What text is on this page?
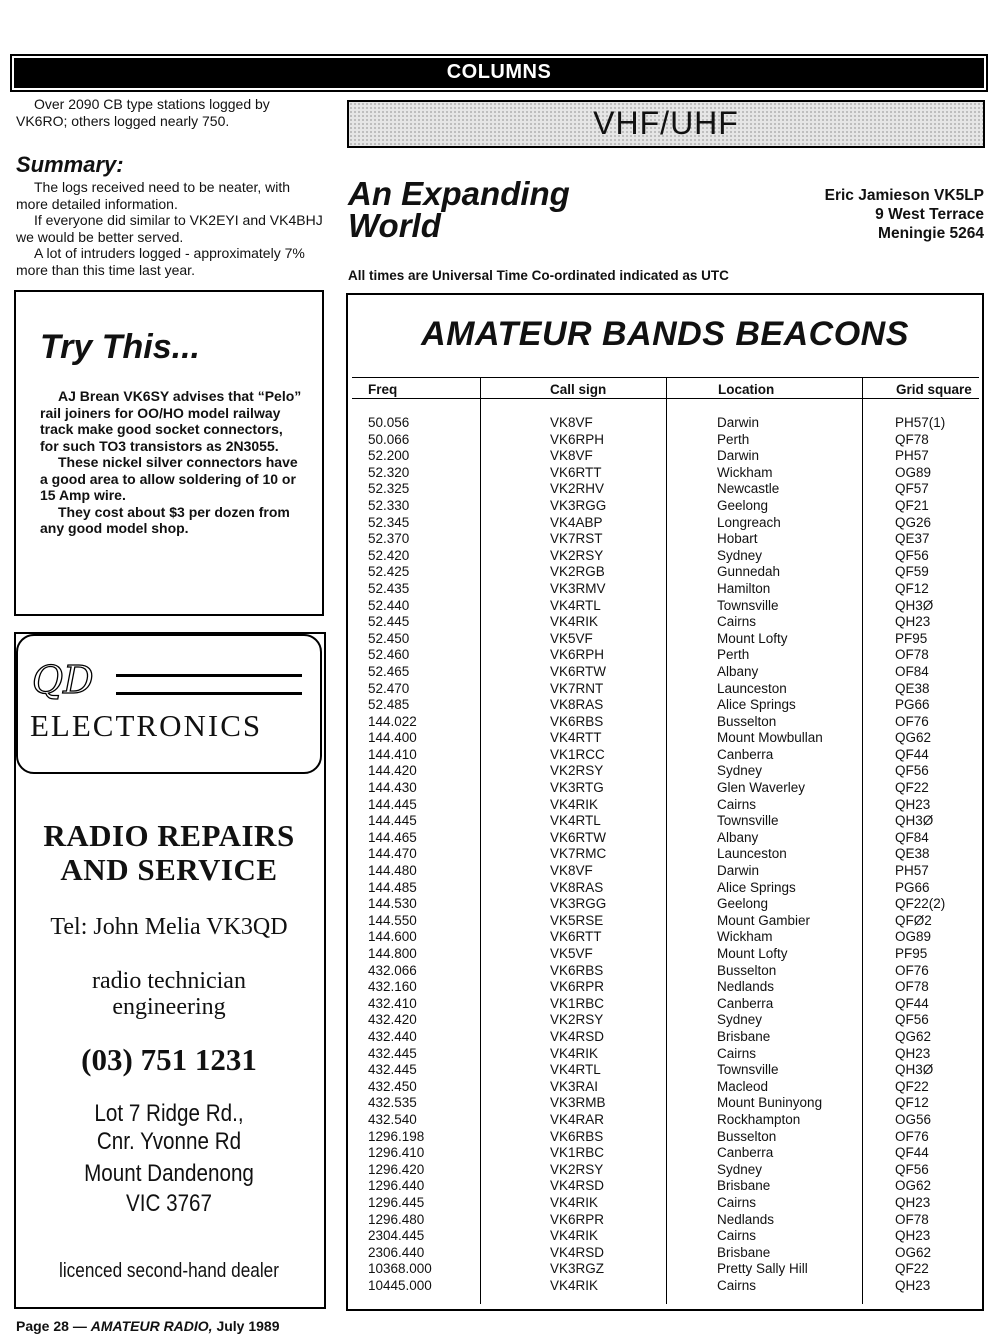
COLUMNS

Over 2090 CB type stations logged by VK6RO; others logged nearly 750.

Summary:

The logs received need to be neater, with more detailed information.

If everyone did similar to VK2EYI and VK4BHJ we would be better served.

A lot of intruders logged - approximately 7% more than this time last year.

Try This...

AJ Brean VK6SY advises that “Pelo” rail joiners for OO/HO model railway track make good socket connectors, for such TO3 transistors as 2N3055.

These nickel silver connectors have a good area to allow soldering of 10 or 15 Amp wire.

They cost about $3 per dozen from any good model shop.

QD
ELECTRONICS
RADIO REPAIRS
AND SERVICE
Tel: John Melia VK3QD
radio technician
engineering
(03) 751 1231
Lot 7 Ridge Rd.,
Cnr. Yvonne Rd
Mount Dandenong
VIC 3767
licenced second-hand dealer
VHF/UHF
An Expanding
World
Eric Jamieson VK5LP
9 West Terrace
Meningie 5264
All times are Universal Time Co-ordinated indicated as UTC
AMATEUR BANDS BEACONS
Freq	Call sign	Location	Grid square
50.056	VK8VF	Darwin	PH57(1)
50.066	VK6RPH	Perth	QF78
52.200	VK8VF	Darwin	PH57
52.320	VK6RTT	Wickham	OG89
52.325	VK2RHV	Newcastle	QF57
52.330	VK3RGG	Geelong	QF21
52.345	VK4ABP	Longreach	QG26
52.370	VK7RST	Hobart	QE37
52.420	VK2RSY	Sydney	QF56
52.425	VK2RGB	Gunnedah	QF59
52.435	VK3RMV	Hamilton	QF12
52.440	VK4RTL	Townsville	QH3Ø
52.445	VK4RIK	Cairns	QH23
52.450	VK5VF	Mount Lofty	PF95
52.460	VK6RPH	Perth	OF78
52.465	VK6RTW	Albany	OF84
52.470	VK7RNT	Launceston	QE38
52.485	VK8RAS	Alice Springs	PG66
144.022	VK6RBS	Busselton	OF76
144.400	VK4RTT	Mount Mowbullan	QG62
144.410	VK1RCC	Canberra	QF44
144.420	VK2RSY	Sydney	QF56
144.430	VK3RTG	Glen Waverley	QF22
144.445	VK4RIK	Cairns	QH23
144.445	VK4RTL	Townsville	QH3Ø
144.465	VK6RTW	Albany	QF84
144.470	VK7RMC	Launceston	QE38
144.480	VK8VF	Darwin	PH57
144.485	VK8RAS	Alice Springs	PG66
144.530	VK3RGG	Geelong	QF22(2)
144.550	VK5RSE	Mount Gambier	QFØ2
144.600	VK6RTT	Wickham	OG89
144.800	VK5VF	Mount Lofty	PF95
432.066	VK6RBS	Busselton	OF76
432.160	VK6RPR	Nedlands	OF78
432.410	VK1RBC	Canberra	QF44
432.420	VK2RSY	Sydney	QF56
432.440	VK4RSD	Brisbane	QG62
432.445	VK4RIK	Cairns	QH23
432.445	VK4RTL	Townsville	QH3Ø
432.450	VK3RAI	Macleod	QF22
432.535	VK3RMB	Mount Buninyong	QF12
432.540	VK4RAR	Rockhampton	OG56
1296.198	VK6RBS	Busselton	OF76
1296.410	VK1RBC	Canberra	QF44
1296.420	VK2RSY	Sydney	QF56
1296.440	VK4RSD	Brisbane	OG62
1296.445	VK4RIK	Cairns	QH23
1296.480	VK6RPR	Nedlands	OF78
2304.445	VK4RIK	Cairns	QH23
2306.440	VK4RSD	Brisbane	OG62
10368.000	VK3RGZ	Pretty Sally Hill	QF22
10445.000	VK4RIK	Cairns	QH23
Page 28 — AMATEUR RADIO, July 1989
